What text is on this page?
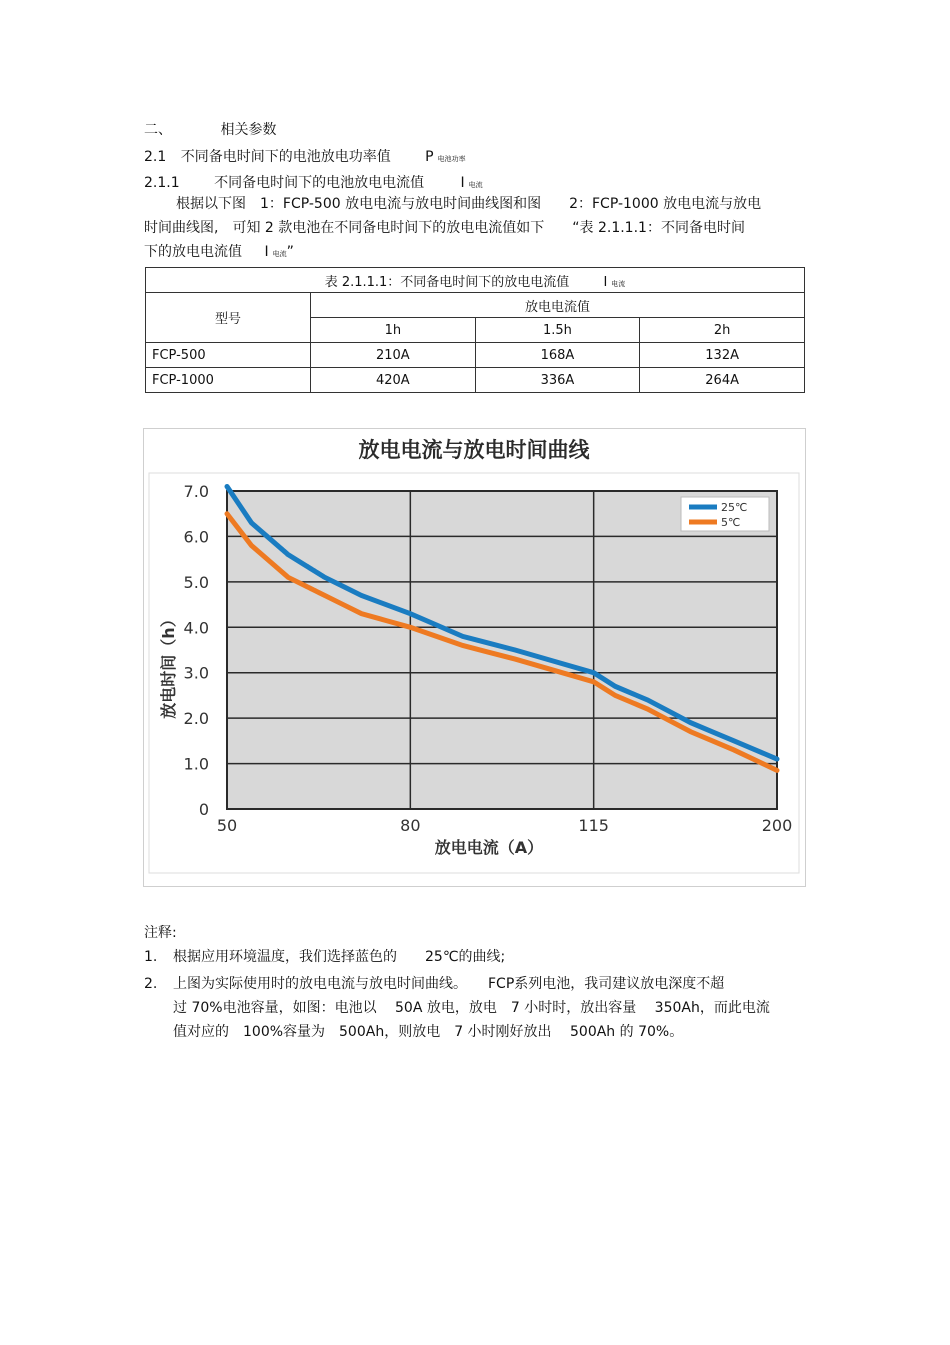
二、	相关参数
2.1 不同备电时间下的电池放电功率值 P 电池功率
2.1.1 不同备电时间下的电池放电电流值	I 电流
根据以下图　1：FCP-500 放电电流与放电时间曲线图和图　　2：FCP-1000 放电电流与放电
时间曲线图,　可知 2 款电池在不同备电时间下的放电电流值如下　　“表 2.1.1.1：不同备电时间
下的放电电流值 I 电流”
表 2.1.1.1：不同备电时间下的放电电流值 I 电流			
型号	放电电流值		
	1h	1.5h	2h
FCP-500	210A	168A	132A
FCP-1000	420A	336A	264A
放电电流与放电时间曲线
0
1.0
2.0
3.0
4.0
5.0
6.0
7.0
50	80	115	200
25℃
5℃
放电电流（A）
放电时间（h）
注释:
1. 根据应用环境温度，我们选择蓝色的　　25℃的曲线;
2. 上图为实际使用时的放电电流与放电时间曲线。　　FCP系列电池，我司建议放电深度不超
过 70%电池容量，如图：电池以　 50A 放电，放电　7 小时时，放出容量　 350Ah，而此电流
值对应的　100%容量为　500Ah，则放电　7 小时刚好放出　 500Ah 的 70%。
